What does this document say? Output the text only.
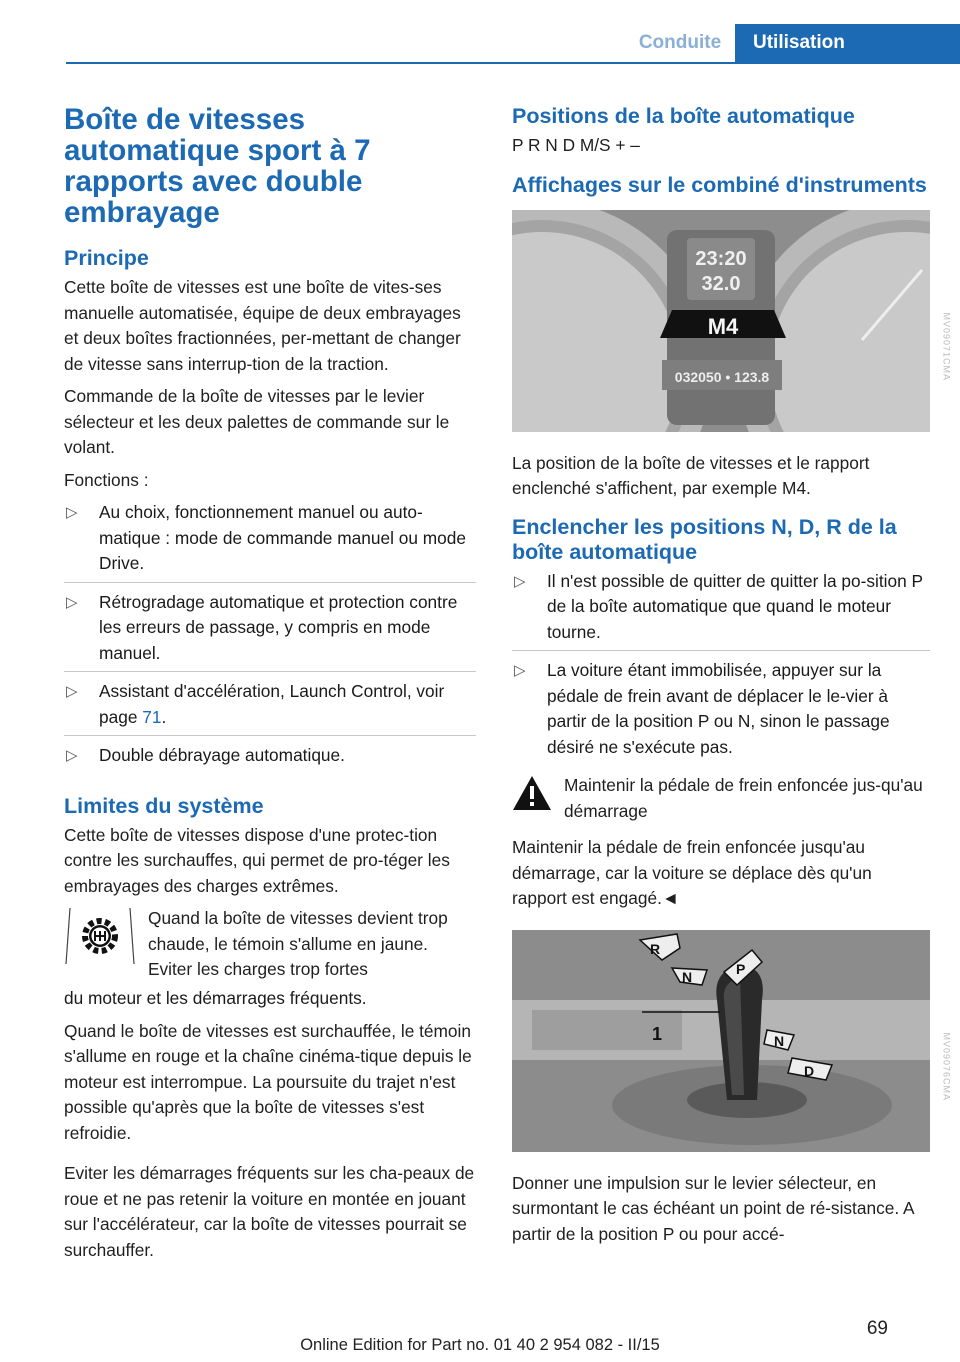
Conduite	Utilisation
Boîte de vitesses automatique sport à 7 rapports avec double embrayage
Principe

Cette boîte de vitesses est une boîte de vites-ses manuelle automatisée, équipe de deux embrayages et deux boîtes fractionnées, per-mettant de changer de vitesse sans interrup-tion de la traction.

Commande de la boîte de vitesses par le levier sélecteur et les deux palettes de commande sur le volant.

Fonctions :

▷ Au choix, fonctionnement manuel ou auto-matique : mode de commande manuel ou mode Drive.
▷ Rétrogradage automatique et protection contre les erreurs de passage, y compris en mode manuel.
▷ Assistant d'accélération, Launch Control, voir page 71.
▷ Double débrayage automatique.
Limites du système

Cette boîte de vitesses dispose d'une protec-tion contre les surchauffes, qui permet de pro-téger les embrayages des charges extrêmes.

Quand la boîte de vitesses devient trop chaude, le témoin s'allume en jaune. Eviter les charges trop fortes
du moteur et les démarrages fréquents.

Quand le boîte de vitesses est surchauffée, le témoin s'allume en rouge et la chaîne cinéma-tique depuis le moteur est interrompue. La poursuite du trajet n'est possible qu'après que la boîte de vitesses s'est refroidie.

Eviter les démarrages fréquents sur les cha-peaux de roue et ne pas retenir la voiture en montée en jouant sur l'accélérateur, car la boîte de vitesses pourrait se surchauffer.

Positions de la boîte automatique

P R N D M/S + –

Affichages sur le combiné d'instruments
23:20
32.0
M4
032050 • 123.8	MV09071CMA

La position de la boîte de vitesses et le rapport enclenché s'affichent, par exemple M4.

Enclencher les positions N, D, R de la boîte automatique
▷ Il n'est possible de quitter de quitter la po-sition P de la boîte automatique que quand le moteur tourne.
▷ La voiture étant immobilisée, appuyer sur la pédale de frein avant de déplacer le le-vier à partir de la position P ou N, sinon le passage désiré ne s'exécute pas.
Maintenir la pédale de frein enfoncée jus-qu'au démarrage

Maintenir la pédale de frein enfoncée jusqu'au démarrage, car la voiture se déplace dès qu'un rapport est engagé.◄

1
R
N	P
N
D	MV09076CMA

Donner une impulsion sur le levier sélecteur, en surmontant le cas échéant un point de ré-sistance. A partir de la position P ou pour accé-

69
Online Edition for Part no. 01 40 2 954 082 - II/15
